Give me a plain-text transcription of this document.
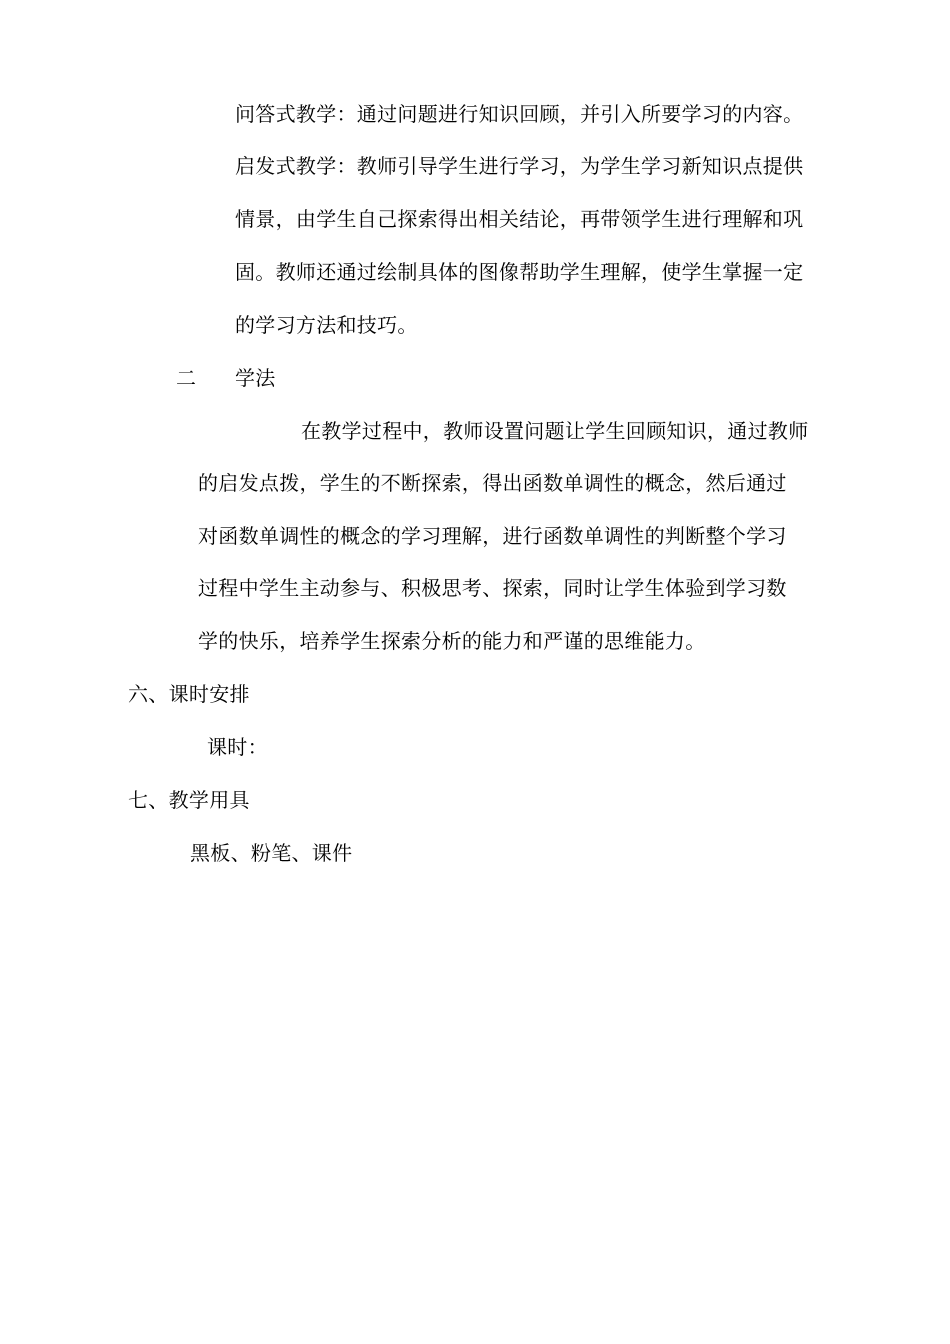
问答式教学：通过问题进行知识回顾，并引入所要学习的内容。
启发式教学：教师引导学生进行学习，为学生学习新知识点提供
情景，由学生自己探索得出相关结论，再带领学生进行理解和巩
固。教师还通过绘制具体的图像帮助学生理解，使学生掌握一定
的学习方法和技巧。
二 学法
在教学过程中，教师设置问题让学生回顾知识，通过教师
的启发点拨，学生的不断探索，得出函数单调性的概念，然后通过
对函数单调性的概念的学习理解，进行函数单调性的判断整个学习
过程中学生主动参与、积极思考、探索，同时让学生体验到学习数
学的快乐，培养学生探索分析的能力和严谨的思维能力。
六、课时安排
课时：
七、教学用具
黑板、粉笔、课件
